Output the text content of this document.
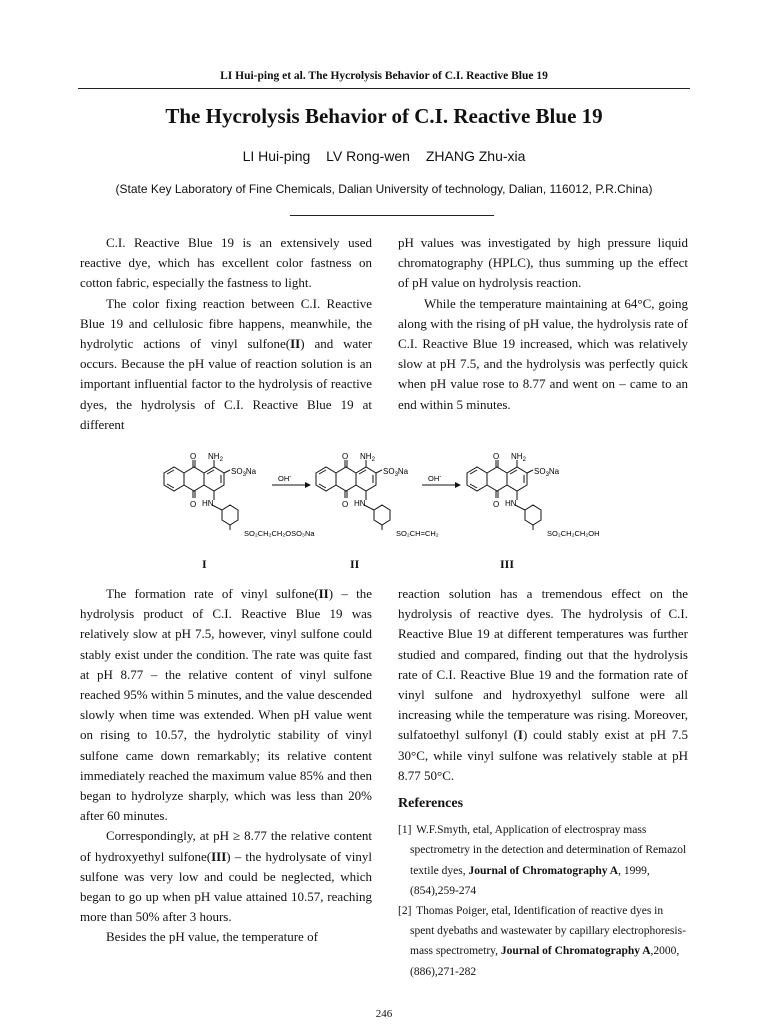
LI Hui-ping et al. The Hycrolysis Behavior of C.I. Reactive Blue 19
The Hycrolysis Behavior of C.I. Reactive Blue 19
LI Hui-ping LV Rong-wen ZHANG Zhu-xia
(State Key Laboratory of Fine Chemicals, Dalian University of technology, Dalian, 116012, P.R.China)

C.I. Reactive Blue 19 is an extensively used reactive dye, which has excellent color fastness on cotton fabric, especially the fastness to light.

The color fixing reaction between C.I. Reactive Blue 19 and cellulosic fibre happens, meanwhile, the hydrolytic actions of vinyl sulfone(II) and water occurs. Because the pH value of reaction solution is an important influential factor to the hydrolysis of reactive dyes, the hydrolysis of C.I. Reactive Blue 19 at different

pH values was investigated by high pressure liquid chromatography (HPLC), thus summing up the effect of pH value on hydrolysis reaction.

While the temperature maintaining at 64°C, going along with the rising of pH value, the hydrolysis rate of C.I. Reactive Blue 19 increased, which was relatively slow at pH 7.5, and the hydrolysis was perfectly quick when pH value rose to 8.77 and went on – came to an end within 5 minutes.

O
O
$NH_2$
$SO_3Na$
HN
SO₂CH₂CH₂OSO₃Na
OH-
O
O
$NH_2$
$SO_3Na$
HN
SO₂CH=CH₂
OH-
O
O
$NH_2$
$SO_3Na$
HN
SO₂CH₂CH₂OH
I	II	III

The formation rate of vinyl sulfone(II) – the hydrolysis product of C.I. Reactive Blue 19 was relatively slow at pH 7.5, however, vinyl sulfone could stably exist under the condition. The rate was quite fast at pH 8.77 – the relative content of vinyl sulfone reached 95% within 5 minutes, and the value descended slowly when time was extended. When pH value went on rising to 10.57, the hydrolytic stability of vinyl sulfone came down remarkably; its relative content immediately reached the maximum value 85% and then began to hydrolyze sharply, which was less than 20% after 60 minutes.

Correspondingly, at pH ≥ 8.77 the relative content of hydroxyethyl sulfone(III) – the hydrolysate of vinyl sulfone was very low and could be neglected, which began to go up when pH value attained 10.57, reaching more than 50% after 3 hours.

Besides the pH value, the temperature of

reaction solution has a tremendous effect on the hydrolysis of reactive dyes. The hydrolysis of C.I. Reactive Blue 19 at different temperatures was further studied and compared, finding out that the hydrolysis rate of C.I. Reactive Blue 19 and the formation rate of vinyl sulfone and hydroxyethyl sulfone were all increasing while the temperature was rising. Moreover, sulfatoethyl sulfonyl (I) could stably exist at pH 7.5 30°C, while vinyl sulfone was relatively stable at pH 8.77 50°C.

References
[1] W.F.Smyth, etal, Application of electrospray mass spectrometry in the detection and determination of Remazol textile dyes, Journal of Chromatography A, 1999,(854),259-274
[2] Thomas Poiger, etal, Identification of reactive dyes in spent dyebaths and wastewater by capillary electrophoresis-mass spectrometry, Journal of Chromatography A,2000,(886),271-282
246
